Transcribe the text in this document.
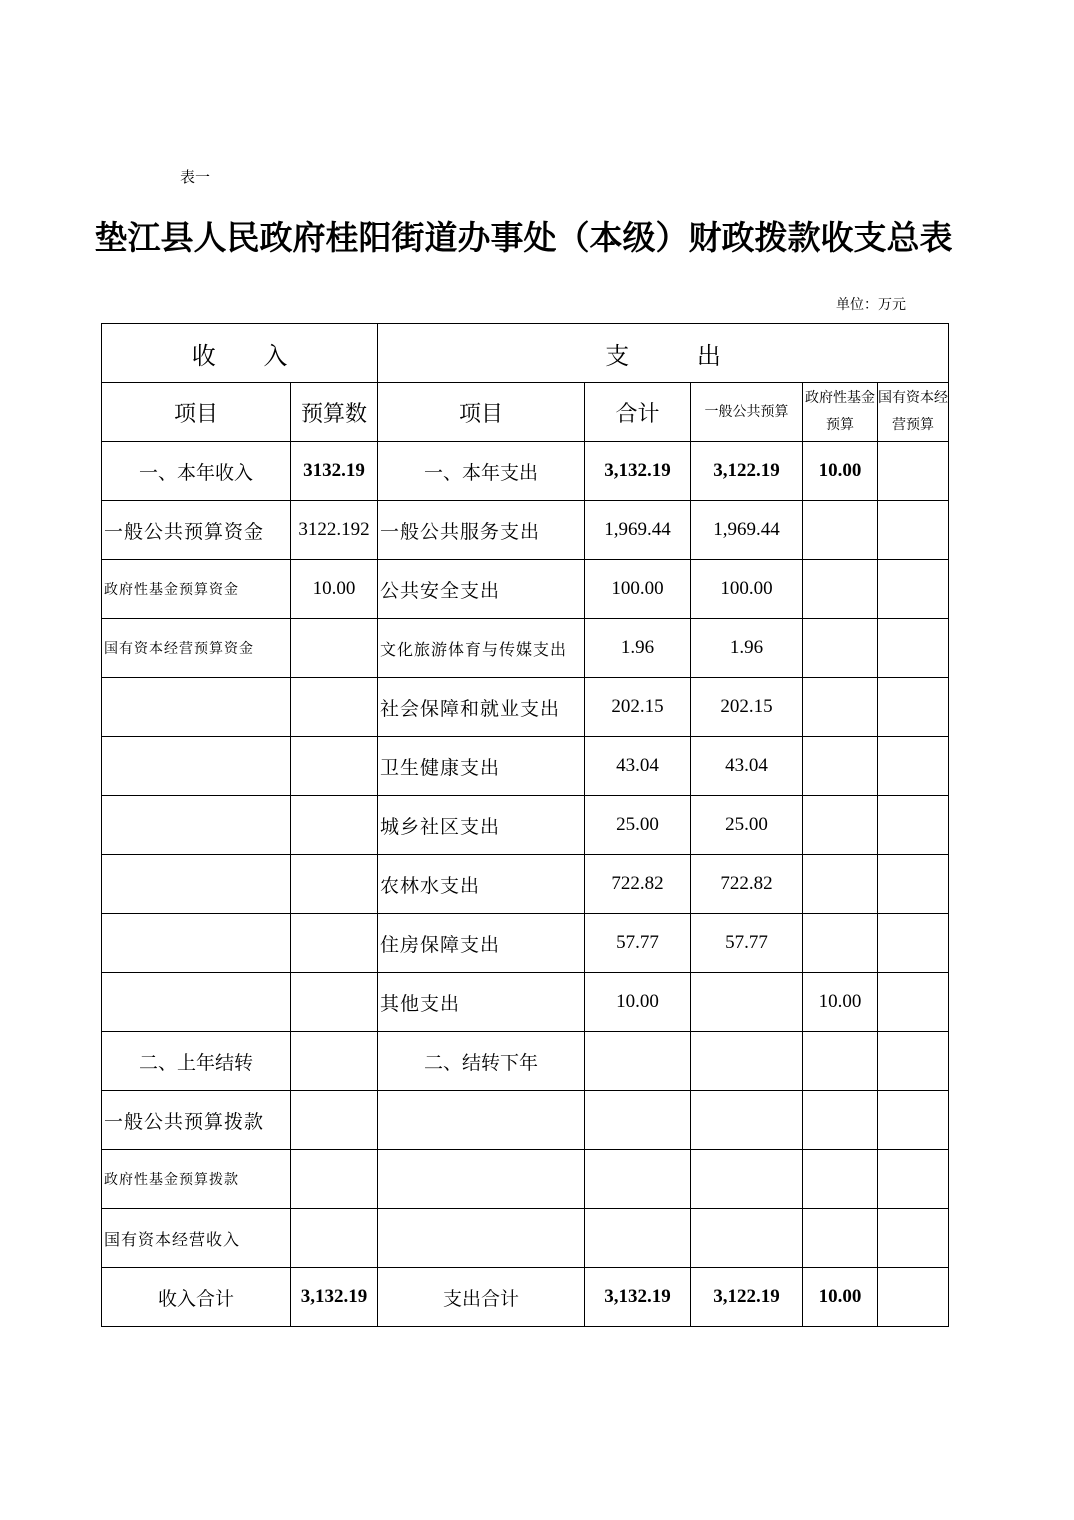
表一
垫江县人民政府桂阳街道办事处（本级）财政拨款收支总表
单位：万元
收 入		支 出				
项目	预算数	项目	合计	一般公共预算	政府性基金预算	国有资本经营预算
一、本年收入	3132.19	一、本年支出	3,132.19	3,122.19	10.00	
一般公共预算资金	3122.192	一般公共服务支出	1,969.44	1,969.44		
政府性基金预算资金	10.00	公共安全支出	100.00	100.00		
国有资本经营预算资金		文化旅游体育与传媒支出	1.96	1.96		
		社会保障和就业支出	202.15	202.15		
		卫生健康支出	43.04	43.04		
		城乡社区支出	25.00	25.00		
		农林水支出	722.82	722.82		
		住房保障支出	57.77	57.77		
		其他支出	10.00		10.00	
二、上年结转		二、结转下年				
一般公共预算拨款						
政府性基金预算拨款						
国有资本经营收入						
收入合计	3,132.19	支出合计	3,132.19	3,122.19	10.00	
